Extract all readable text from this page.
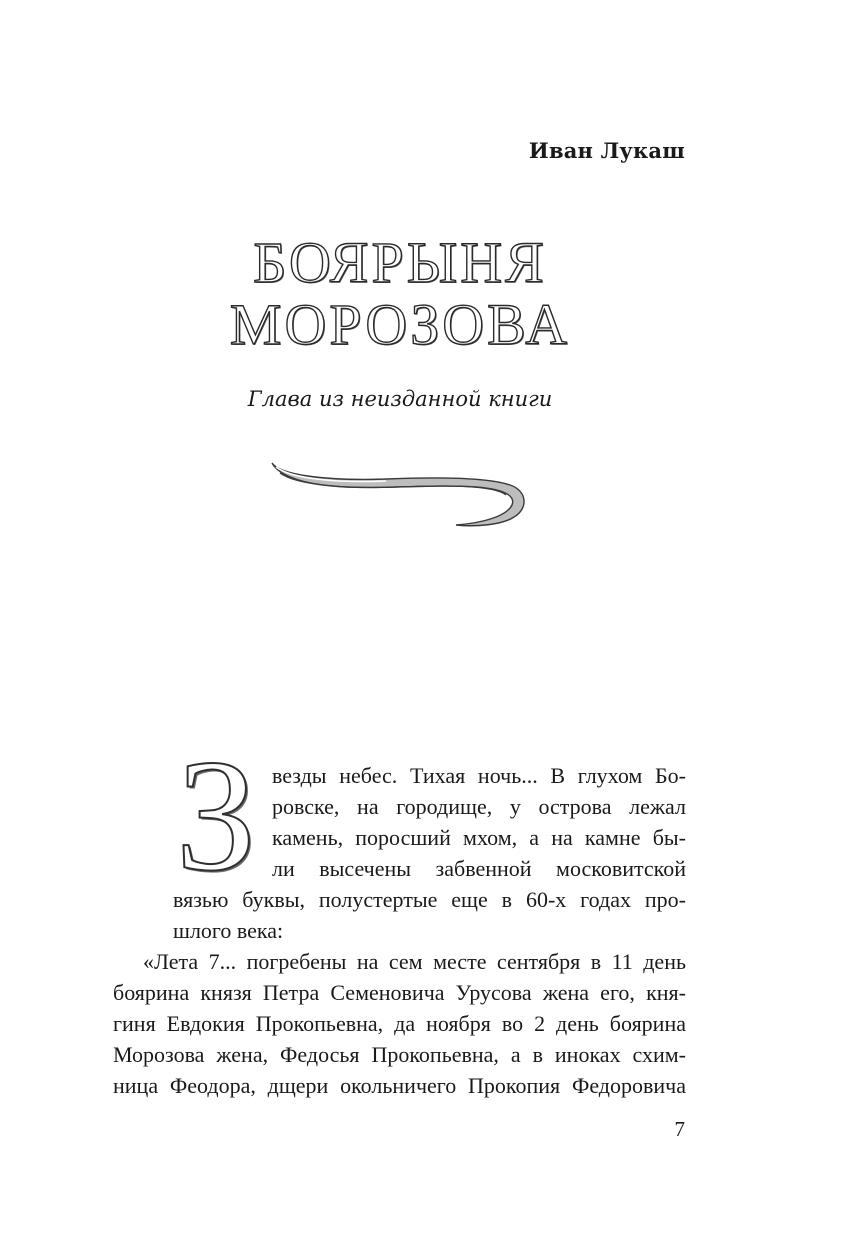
Иван Лукаш
БОЯРЫНЯ
МОРОЗОВА
Глава из неизданной книги
З везды небес. Тихая ночь... В глухом Бо-
ровске, на городище, у острова лежал
камень, поросший мхом, а на камне бы-
ли высечены забвенной московитской
вязью буквы, полустертые еще в 60-х годах про-
шлого века:
«Лета 7... погребены на сем месте сентября в 11 день
боярина князя Петра Семеновича Урусова жена его, кня-
гиня Евдокия Прокопьевна, да ноября во 2 день боярина
Морозова жена, Федосья Прокопьевна, а в иноках схим-
ница Феодора, дщери окольничего Прокопия Федоровича
7
